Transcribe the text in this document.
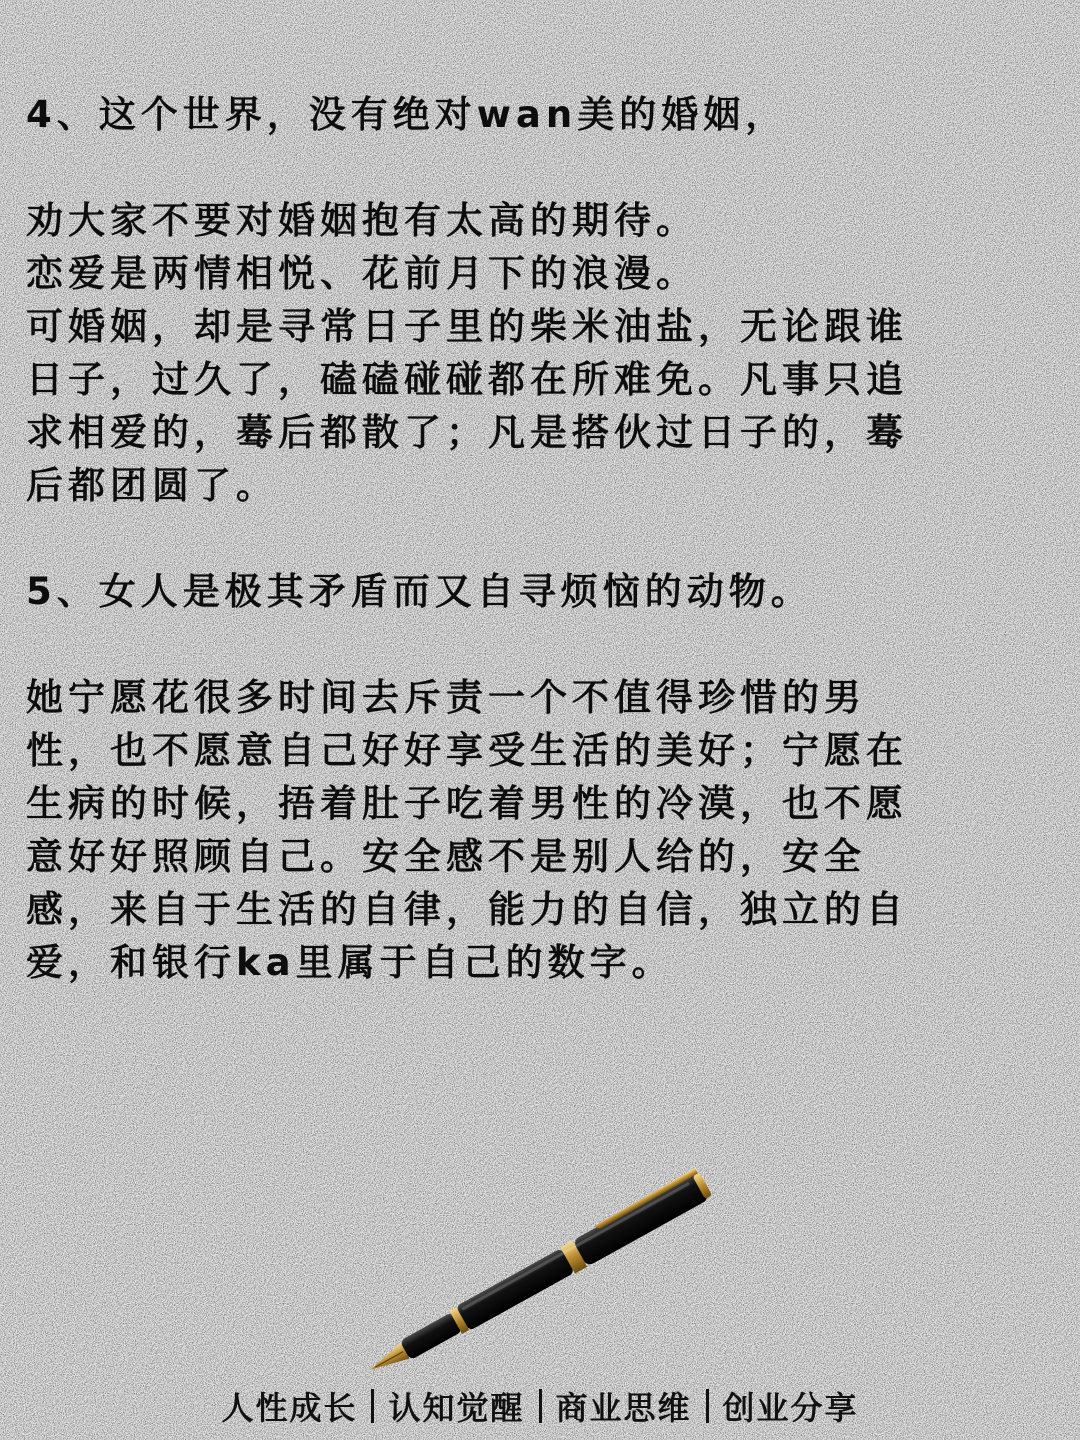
4、这个世界，没有绝对wan美的婚姻，
劝大家不要对婚姻抱有太高的期待。
恋爱是两情相悦、花前月下的浪漫。
可婚姻，却是寻常日子里的柴米油盐，无论跟谁
日子，过久了，磕磕碰碰都在所难免。凡事只追
求相爱的，蓦后都散了；凡是搭伙过日子的，蓦
后都团圆了。
5、女人是极其矛盾而又自寻烦恼的动物。
她宁愿花很多时间去斥责一个不值得珍惜的男
性，也不愿意自己好好享受生活的美好；宁愿在
生病的时候，捂着肚子吃着男性的冷漠，也不愿
意好好照顾自己。安全感不是别人给的，安全
感，来自于生活的自律，能力的自信，独立的自
爱，和银行ka里属于自己的数字。
人性成长 认知觉醒 商业思维 创业分享
